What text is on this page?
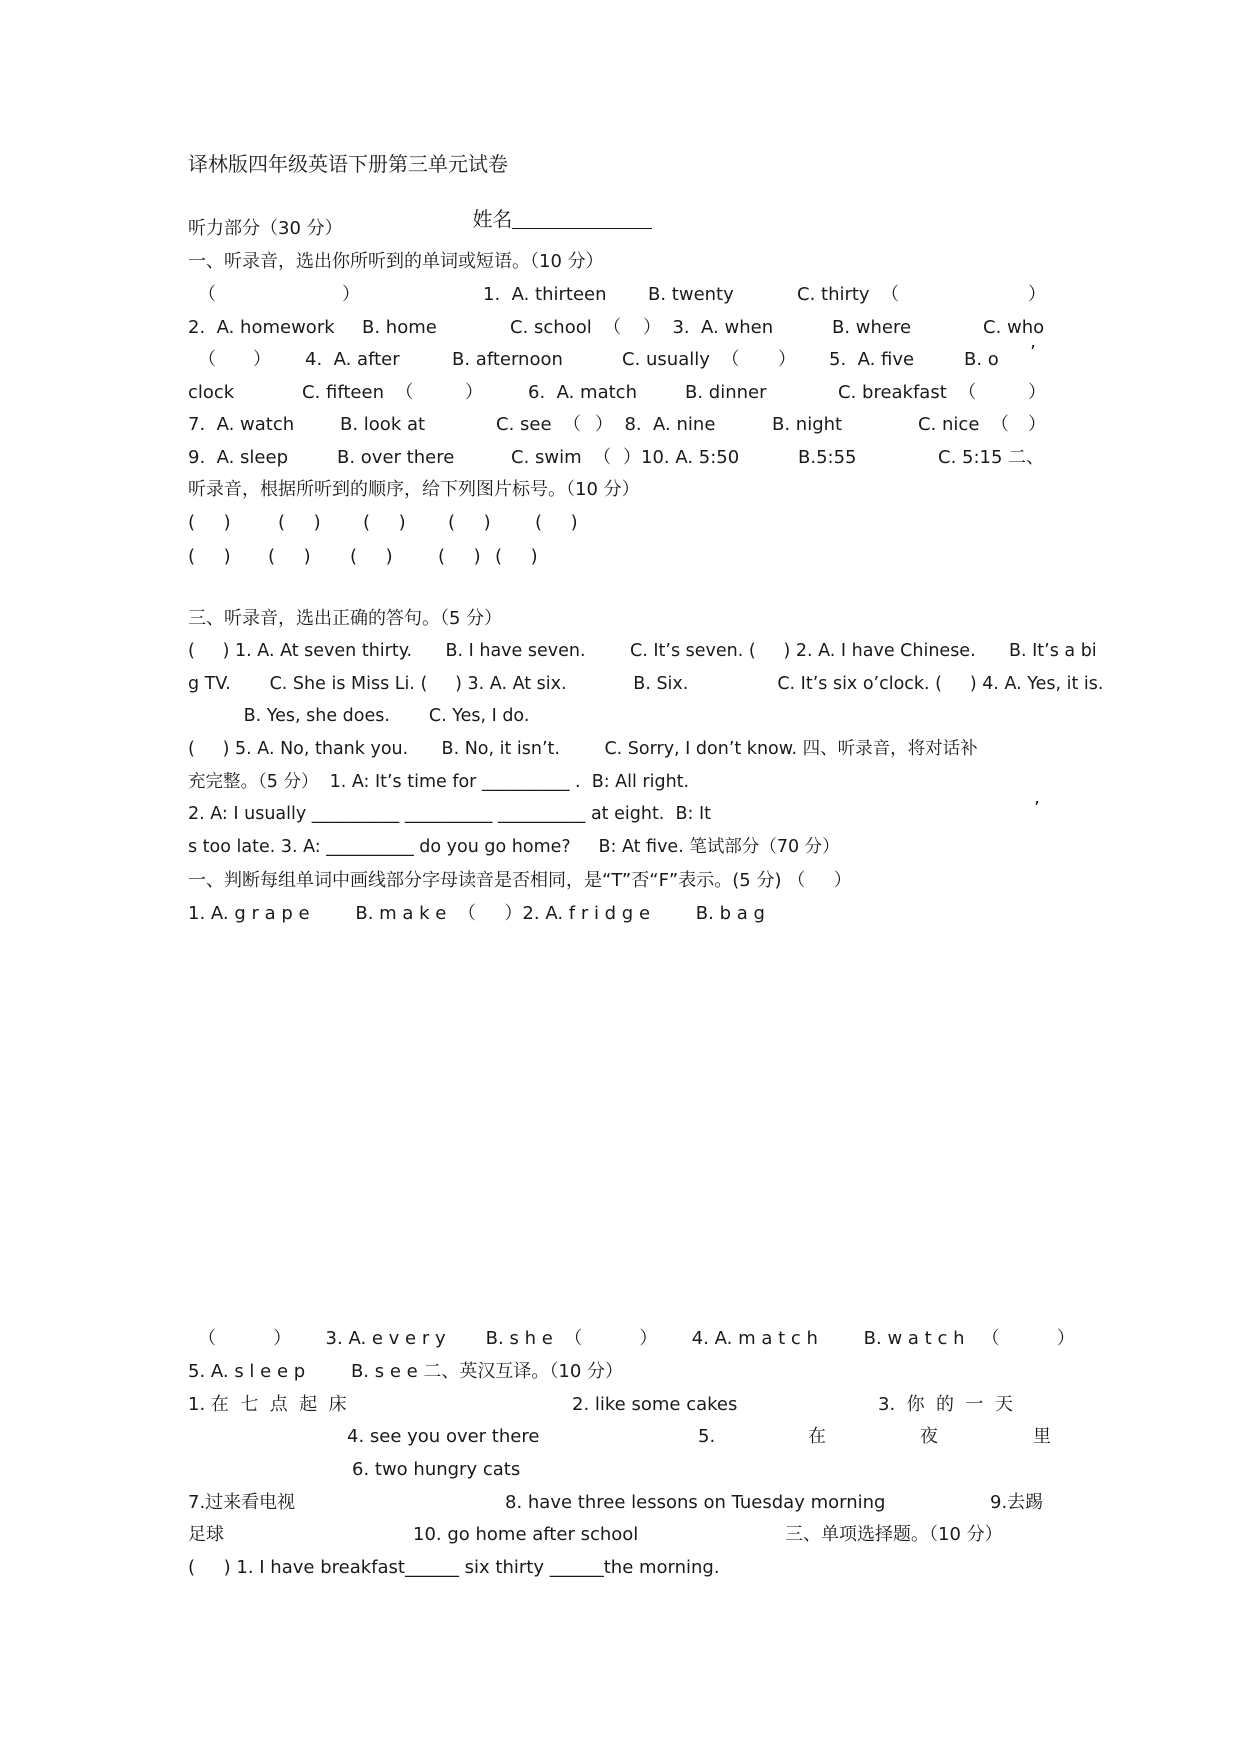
译林版四年级英语下册第三单元试卷

姓名

听力部分（30 分）
一、听录音，选出你所听到的单词或短语。（10 分）
（	）	1.  A. thirteen B. twenty	C. thirty  （	）
2.  A. homework B. home	C. school  （ ）  3.  A. when	B. where	C. who
（ ） 4.  A. after	B. afternoon	C. usually  （ ） 5.  A. five	B. o ’
clock	C. fifteen  （	）	6.  A. match	B. dinner	C. breakfast  （	）
7.  A. watch	B. look at	C. see  （ ）  8.  A. nine	B. night	C. nice  （ ）
9.  A. sleep	B. over there	C. swim  （ ）10. A. 5:50	B.5:55	C. 5:15 二、
听录音，根据所听到的顺序，给下列图片标号。（10 分）
(     )	(     ) (     ) (     ) (     )
(     ) (     ) (     )	(     ) (     )
三、听录音，选出正确的答句。（5 分）
(     ) 1. A. At seven thirty.      B. I have seven.        C. It’s seven. (     ) 2. A. I have Chinese.      B. It’s a bi
g TV.       C. She is Miss Li. (     ) 3. A. At six.            B. Six.                C. It’s six o’clock. (     ) 4. A. Yes, it is.
B. Yes, she does.       C. Yes, I do.
(     ) 5. A. No, thank you.      B. No, it isn’t.        C. Sorry, I don’t know. 四、听录音，将对话补
充完整。（5 分）  1. A: It’s time for __________ .  B: All right.
2. A: I usually __________ __________ __________ at eight.  B: It	’
s too late. 3. A: __________ do you go home?     B: At five. 笔试部分（70 分）
一、判断每组单词中画线部分字母读音是否相同，是“T”否“F”表示。(5 分) （     ）
1. A. g r a p e        B. m a k e  （     ）2. A. f r i d g e        B. b a g
（          ）      3. A. e v e r y       B. s h e  （          ）      4. A. m a t c h        B. w a t c h   （          ）
5. A. s l e e p        B. s e e 二、英汉互译。（10 分）
1. 在  七  点  起  床	2. like some cakes	3.  你  的  一  天
4. see you over there	5.	在	夜	里
6. two hungry cats
7.过来看电视	8. have three lessons on Tuesday morning	9.去踢
足球	10. go home after school	三、单项选择题。（10 分）
(     ) 1. I have breakfast______ six thirty ______the morning.
